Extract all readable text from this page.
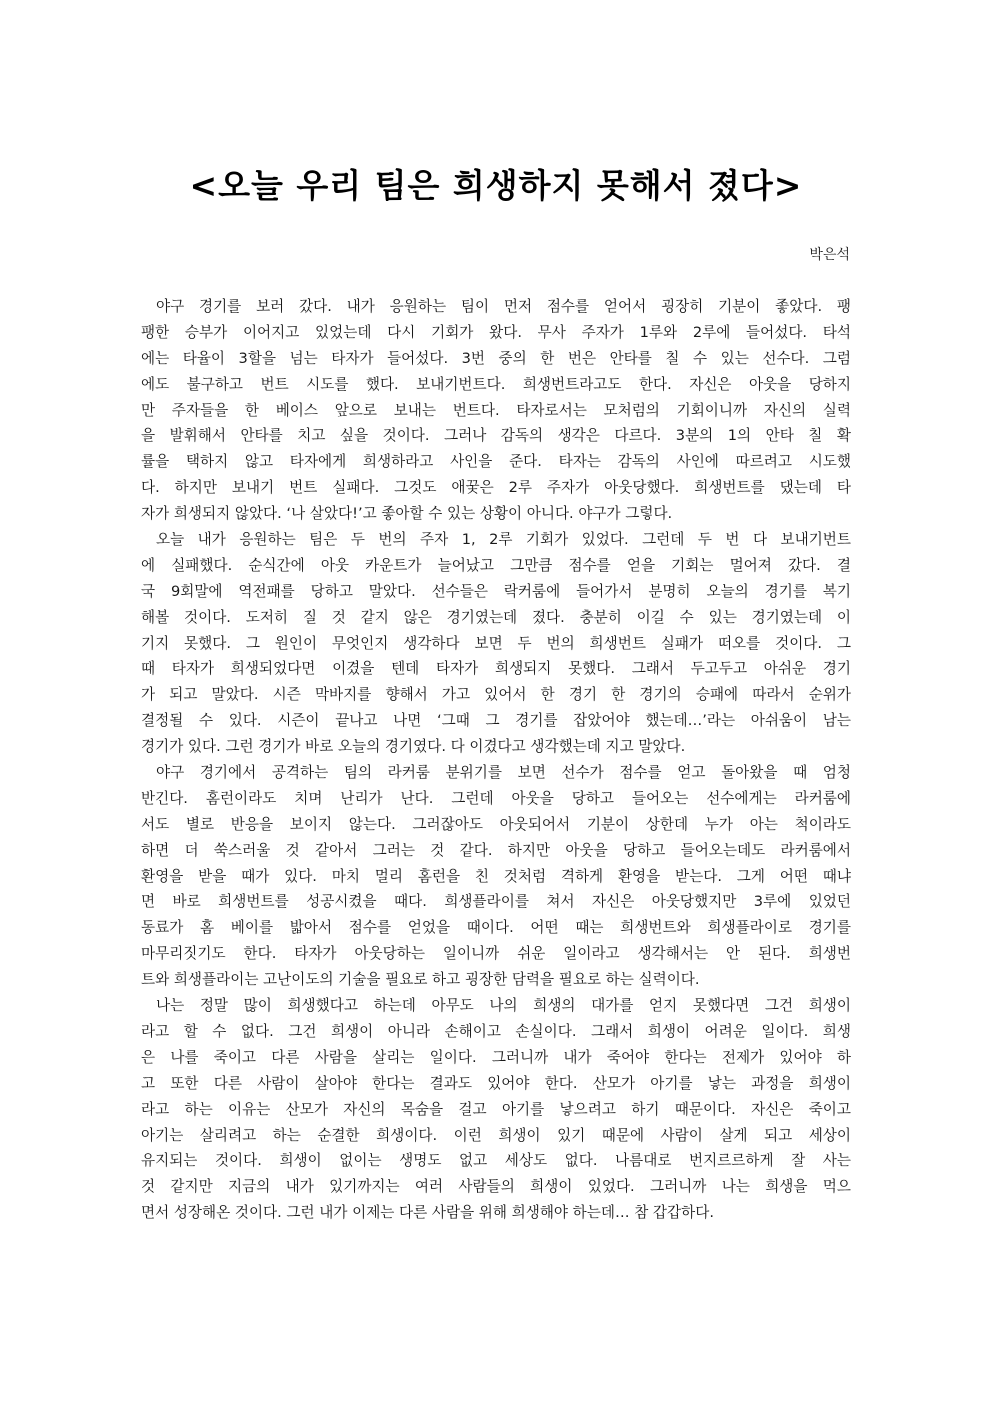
<오늘 우리 팀은 희생하지 못해서 졌다>
박은석
야구 경기를 보러 갔다. 내가 응원하는 팀이 먼저 점수를 얻어서 굉장히 기분이 좋았다. 팽
팽한 승부가 이어지고 있었는데 다시 기회가 왔다. 무사 주자가 1루와 2루에 들어섰다. 타석
에는 타율이 3할을 넘는 타자가 들어섰다. 3번 중의 한 번은 안타를 칠 수 있는 선수다. 그럼
에도 불구하고 번트 시도를 했다. 보내기번트다. 희생번트라고도 한다. 자신은 아웃을 당하지
만 주자들을 한 베이스 앞으로 보내는 번트다. 타자로서는 모처럼의 기회이니까 자신의 실력
을 발휘해서 안타를 치고 싶을 것이다. 그러나 감독의 생각은 다르다. 3분의 1의 안타 칠 확
률을 택하지 않고 타자에게 희생하라고 사인을 준다. 타자는 감독의 사인에 따르려고 시도했
다. 하지만 보내기 번트 실패다. 그것도 애꿎은 2루 주자가 아웃당했다. 희생번트를 댔는데 타
자가 희생되지 않았다. ‘나 살았다!’고 좋아할 수 있는 상황이 아니다. 야구가 그렇다.
오늘 내가 응원하는 팀은 두 번의 주자 1, 2루 기회가 있었다. 그런데 두 번 다 보내기번트
에 실패했다. 순식간에 아웃 카운트가 늘어났고 그만큼 점수를 얻을 기회는 멀어져 갔다. 결
국 9회말에 역전패를 당하고 말았다. 선수들은 락커룸에 들어가서 분명히 오늘의 경기를 복기
해볼 것이다. 도저히 질 것 같지 않은 경기였는데 졌다. 충분히 이길 수 있는 경기였는데 이
기지 못했다. 그 원인이 무엇인지 생각하다 보면 두 번의 희생번트 실패가 떠오를 것이다. 그
때 타자가 희생되었다면 이겼을 텐데 타자가 희생되지 못했다. 그래서 두고두고 아쉬운 경기
가 되고 말았다. 시즌 막바지를 향해서 가고 있어서 한 경기 한 경기의 승패에 따라서 순위가
결정될 수 있다. 시즌이 끝나고 나면 ‘그때 그 경기를 잡았어야 했는데…’라는 아쉬움이 남는
경기가 있다. 그런 경기가 바로 오늘의 경기였다. 다 이겼다고 생각했는데 지고 말았다.
야구 경기에서 공격하는 팀의 라커룸 분위기를 보면 선수가 점수를 얻고 돌아왔을 때 엄청
반긴다. 홈런이라도 치며 난리가 난다. 그런데 아웃을 당하고 들어오는 선수에게는 라커룸에
서도 별로 반응을 보이지 않는다. 그러잖아도 아웃되어서 기분이 상한데 누가 아는 척이라도
하면 더 쑥스러울 것 같아서 그러는 것 같다. 하지만 아웃을 당하고 들어오는데도 라커룸에서
환영을 받을 때가 있다. 마치 멀리 홈런을 친 것처럼 격하게 환영을 받는다. 그게 어떤 때냐
면 바로 희생번트를 성공시켰을 때다. 희생플라이를 쳐서 자신은 아웃당했지만 3루에 있었던
동료가 홈 베이를 밟아서 점수를 얻었을 때이다. 어떤 때는 희생번트와 희생플라이로 경기를
마무리짓기도 한다. 타자가 아웃당하는 일이니까 쉬운 일이라고 생각해서는 안 된다. 희생번
트와 희생플라이는 고난이도의 기술을 필요로 하고 굉장한 담력을 필요로 하는 실력이다.
나는 정말 많이 희생했다고 하는데 아무도 나의 희생의 대가를 얻지 못했다면 그건 희생이
라고 할 수 없다. 그건 희생이 아니라 손해이고 손실이다. 그래서 희생이 어려운 일이다. 희생
은 나를 죽이고 다른 사람을 살리는 일이다. 그러니까 내가 죽어야 한다는 전제가 있어야 하
고 또한 다른 사람이 살아야 한다는 결과도 있어야 한다. 산모가 아기를 낳는 과정을 희생이
라고 하는 이유는 산모가 자신의 목숨을 걸고 아기를 낳으려고 하기 때문이다. 자신은 죽이고
아기는 살리려고 하는 순결한 희생이다. 이런 희생이 있기 때문에 사람이 살게 되고 세상이
유지되는 것이다. 희생이 없이는 생명도 없고 세상도 없다. 나름대로 번지르르하게 잘 사는
것 같지만 지금의 내가 있기까지는 여러 사람들의 희생이 있었다. 그러니까 나는 희생을 먹으
면서 성장해온 것이다. 그런 내가 이제는 다른 사람을 위해 희생해야 하는데… 참 갑갑하다.
